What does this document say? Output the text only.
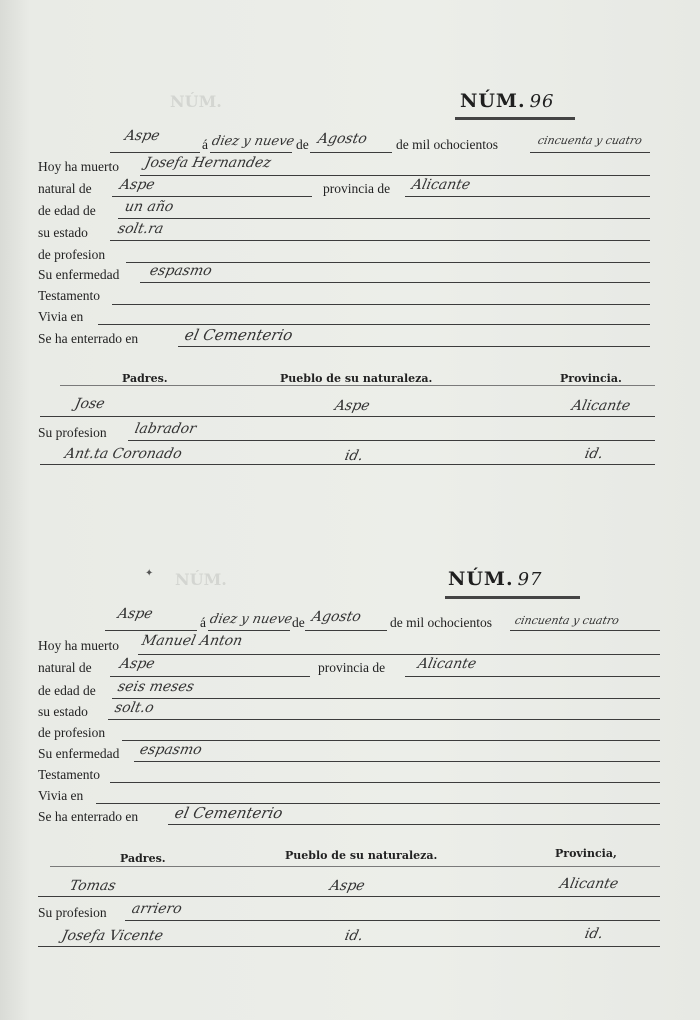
NÚM.
NÚM.
NÚM. 96
Aspe
á diez y nueve de Agosto de mil ochocientos	cincuenta y cuatro
Hoy ha muerto Josefa Hernandez
natural de Aspe	provincia de Alicante
de edad de un año
su estado solt.ra
de profesion
Su enfermedad espasmo
Testamento
Vivia en
Se ha enterrado en	el Cementerio
Padres.	Pueblo de su naturaleza.	Provincia.
Jose	Aspe	Alicante
Su profesion labrador
Ant.ta Coronado	id.	id.
✦	NÚM. 97
Aspe
á diez y nueve
de Agosto de mil ochocientos cincuenta y cuatro
Hoy ha muerto Manuel Anton
natural de Aspe	provincia de Alicante
de edad de seis meses
su estado solt.o
de profesion
Su enfermedad espasmo
Testamento
Vivia en
Se ha enterrado en el Cementerio
Padres.	Pueblo de su naturaleza.	Provincia,
Tomas	Aspe	Alicante
Su profesion arriero
Josefa Vicente	id.	id.
